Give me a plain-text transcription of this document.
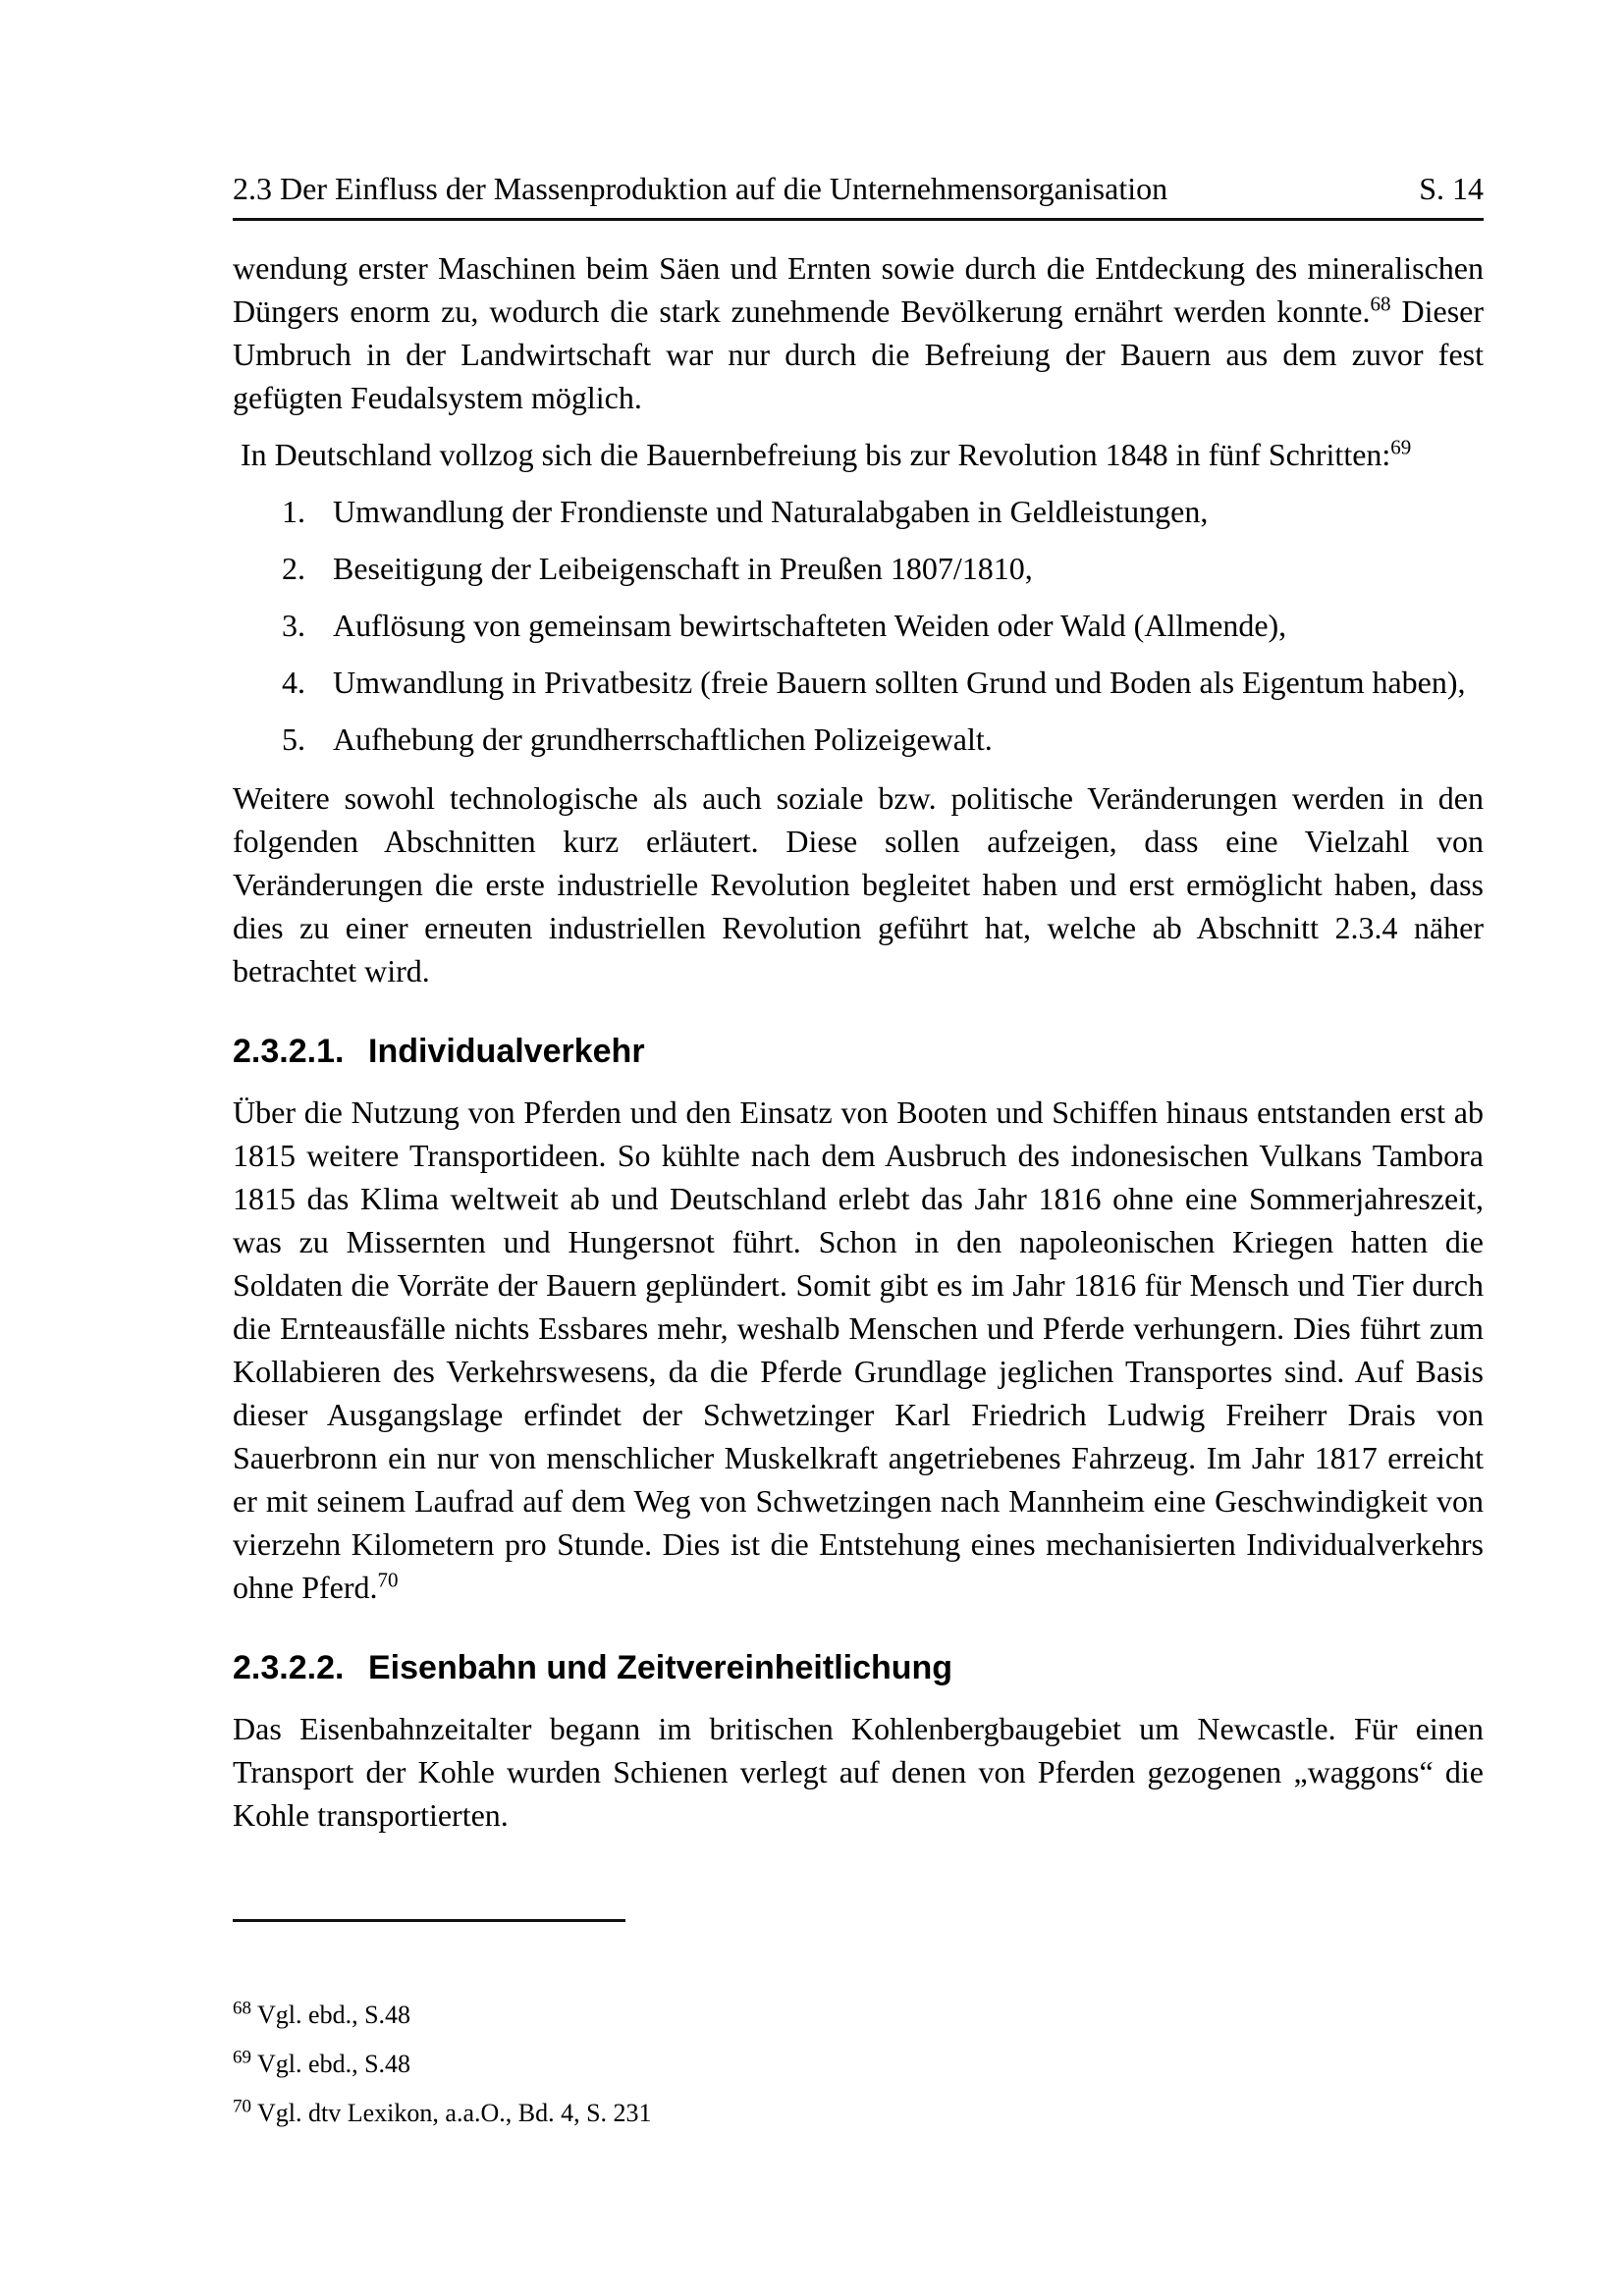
2.3 Der Einfluss der Massenproduktion auf die Unternehmensorganisation	S. 14

wendung erster Maschinen beim Säen und Ernten sowie durch die Entdeckung des mineralischen Düngers enorm zu, wodurch die stark zunehmende Bevölkerung ernährt werden konnte.$^{68}$ Dieser Umbruch in der Landwirtschaft war nur durch die Befreiung der Bauern aus dem zuvor fest gefügten Feudalsystem möglich.

In Deutschland vollzog sich die Bauernbefreiung bis zur Revolution 1848 in fünf Schritten:$^{69}$

1. Umwandlung der Frondienste und Naturalabgaben in Geldleistungen,
2. Beseitigung der Leibeigenschaft in Preußen 1807/1810,
3. Auflösung von gemeinsam bewirtschafteten Weiden oder Wald (Allmende),
4. Umwandlung in Privatbesitz (freie Bauern sollten Grund und Boden als Eigentum haben),
5. Aufhebung der grundherrschaftlichen Polizeigewalt.

Weitere sowohl technologische als auch soziale bzw. politische Veränderungen werden in den folgenden Abschnitten kurz erläutert. Diese sollen aufzeigen, dass eine Vielzahl von Veränderungen die erste industrielle Revolution begleitet haben und erst ermöglicht haben, dass dies zu einer erneuten industriellen Revolution geführt hat, welche ab Abschnitt 2.3.4 näher betrachtet wird.

2.3.2.1. Individualverkehr

Über die Nutzung von Pferden und den Einsatz von Booten und Schiffen hinaus entstanden erst ab 1815 weitere Transportideen. So kühlte nach dem Ausbruch des indonesischen Vulkans Tambora 1815 das Klima weltweit ab und Deutschland erlebt das Jahr 1816 ohne eine Sommerjahreszeit, was zu Missernten und Hungersnot führt. Schon in den napoleonischen Kriegen hatten die Soldaten die Vorräte der Bauern geplündert. Somit gibt es im Jahr 1816 für Mensch und Tier durch die Ernteausfälle nichts Essbares mehr, weshalb Menschen und Pferde verhungern. Dies führt zum Kollabieren des Verkehrswesens, da die Pferde Grundlage jeglichen Transportes sind. Auf Basis dieser Ausgangslage erfindet der Schwetzinger Karl Friedrich Ludwig Freiherr Drais von Sauerbronn ein nur von menschlicher Muskelkraft angetriebenes Fahrzeug. Im Jahr 1817 erreicht er mit seinem Laufrad auf dem Weg von Schwetzingen nach Mannheim eine Geschwindigkeit von vierzehn Kilometern pro Stunde. Dies ist die Entstehung eines mechanisierten Individualverkehrs ohne Pferd.$^{70}$

2.3.2.2. Eisenbahn und Zeitvereinheitlichung

Das Eisenbahnzeitalter begann im britischen Kohlenbergbaugebiet um Newcastle. Für einen Transport der Kohle wurden Schienen verlegt auf denen von Pferden gezogenen „waggons“ die Kohle transportierten.

$^{68}$ Vgl. ebd., S.48
$^{69}$ Vgl. ebd., S.48
$^{70}$ Vgl. dtv Lexikon, a.a.O., Bd. 4, S. 231
